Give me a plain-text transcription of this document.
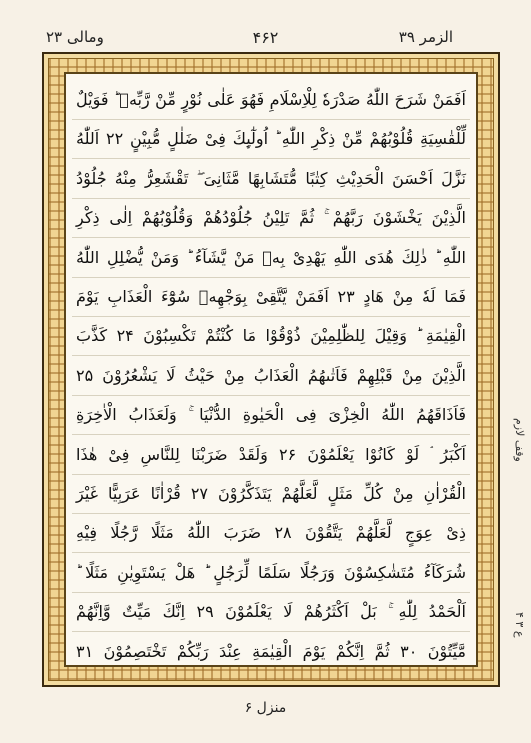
الزمر ۳۹
۴۶۲
ومالی ۲۳
اَفَمَنْ شَرَحَ اللّٰهُ صَدْرَهٗ لِلْاِسْلَامِ فَهُوَ عَلٰی نُوْرٍ مِّنْ رَّبِّهٖ ؕ فَوَیْلٌ
لِّلْقٰسِیَةِ قُلُوْبُهُمْ مِّنْ ذِكْرِ اللّٰهِ ؕ اُولٰٓىِٕكَ فِیْ ضَلٰلٍ مُّبِیْنٍ ۲۲ اَللّٰهُ
نَزَّلَ اَحْسَنَ الْحَدِیْثِ كِتٰبًا مُّتَشَابِهًا مَّثَانِیَ ۖ تَقْشَعِرُّ مِنْهُ جُلُوْدُ
الَّذِیْنَ یَخْشَوْنَ رَبَّهُمْ ۚ ثُمَّ تَلِیْنُ جُلُوْدُهُمْ وَقُلُوْبُهُمْ اِلٰی ذِكْرِ
اللّٰهِ ؕ ذٰلِكَ هُدَی اللّٰهِ یَهْدِیْ بِهٖ مَنْ یَّشَآءُ ؕ وَمَنْ یُّضْلِلِ اللّٰهُ
فَمَا لَهٗ مِنْ هَادٍ ۲۳ اَفَمَنْ یَّتَّقِیْ بِوَجْهِهٖ سُوْٓءَ الْعَذَابِ یَوْمَ
الْقِیٰمَةِ ؕ وَقِیْلَ لِلظّٰلِمِیْنَ ذُوْقُوْا مَا كُنْتُمْ تَكْسِبُوْنَ ۲۴ كَذَّبَ
الَّذِیْنَ مِنْ قَبْلِهِمْ فَاَتٰىهُمُ الْعَذَابُ مِنْ حَیْثُ لَا یَشْعُرُوْنَ ۲۵
فَاَذَاقَهُمُ اللّٰهُ الْخِزْیَ فِی الْحَیٰوةِ الدُّنْیَا ۚ وَلَعَذَابُ الْاٰخِرَةِ
اَكْبَرُ ۘ لَوْ كَانُوْا یَعْلَمُوْنَ ۲۶ وَلَقَدْ ضَرَبْنَا لِلنَّاسِ فِیْ هٰذَا
الْقُرْاٰنِ مِنْ كُلِّ مَثَلٍ لَّعَلَّهُمْ یَتَذَكَّرُوْنَ ۲۷ قُرْاٰنًا عَرَبِیًّا غَیْرَ
ذِیْ عِوَجٍ لَّعَلَّهُمْ یَتَّقُوْنَ ۲۸ ضَرَبَ اللّٰهُ مَثَلًا رَّجُلًا فِیْهِ
شُرَكَآءُ مُتَشٰكِسُوْنَ وَرَجُلًا سَلَمًا لِّرَجُلٍ ؕ هَلْ یَسْتَوِیٰنِ مَثَلًا ؕ
اَلْحَمْدُ لِلّٰهِ ۚ بَلْ اَكْثَرُهُمْ لَا یَعْلَمُوْنَ ۲۹ اِنَّكَ مَیِّتٌ وَّاِنَّهُمْ
مَّیِّتُوْنَ ۳۰ ثُمَّ اِنَّكُمْ یَوْمَ الْقِیٰمَةِ عِنْدَ رَبِّكُمْ تَخْتَصِمُوْنَ ۳۱
وقف لازم
ع ۳ ۴
منزل ۶
